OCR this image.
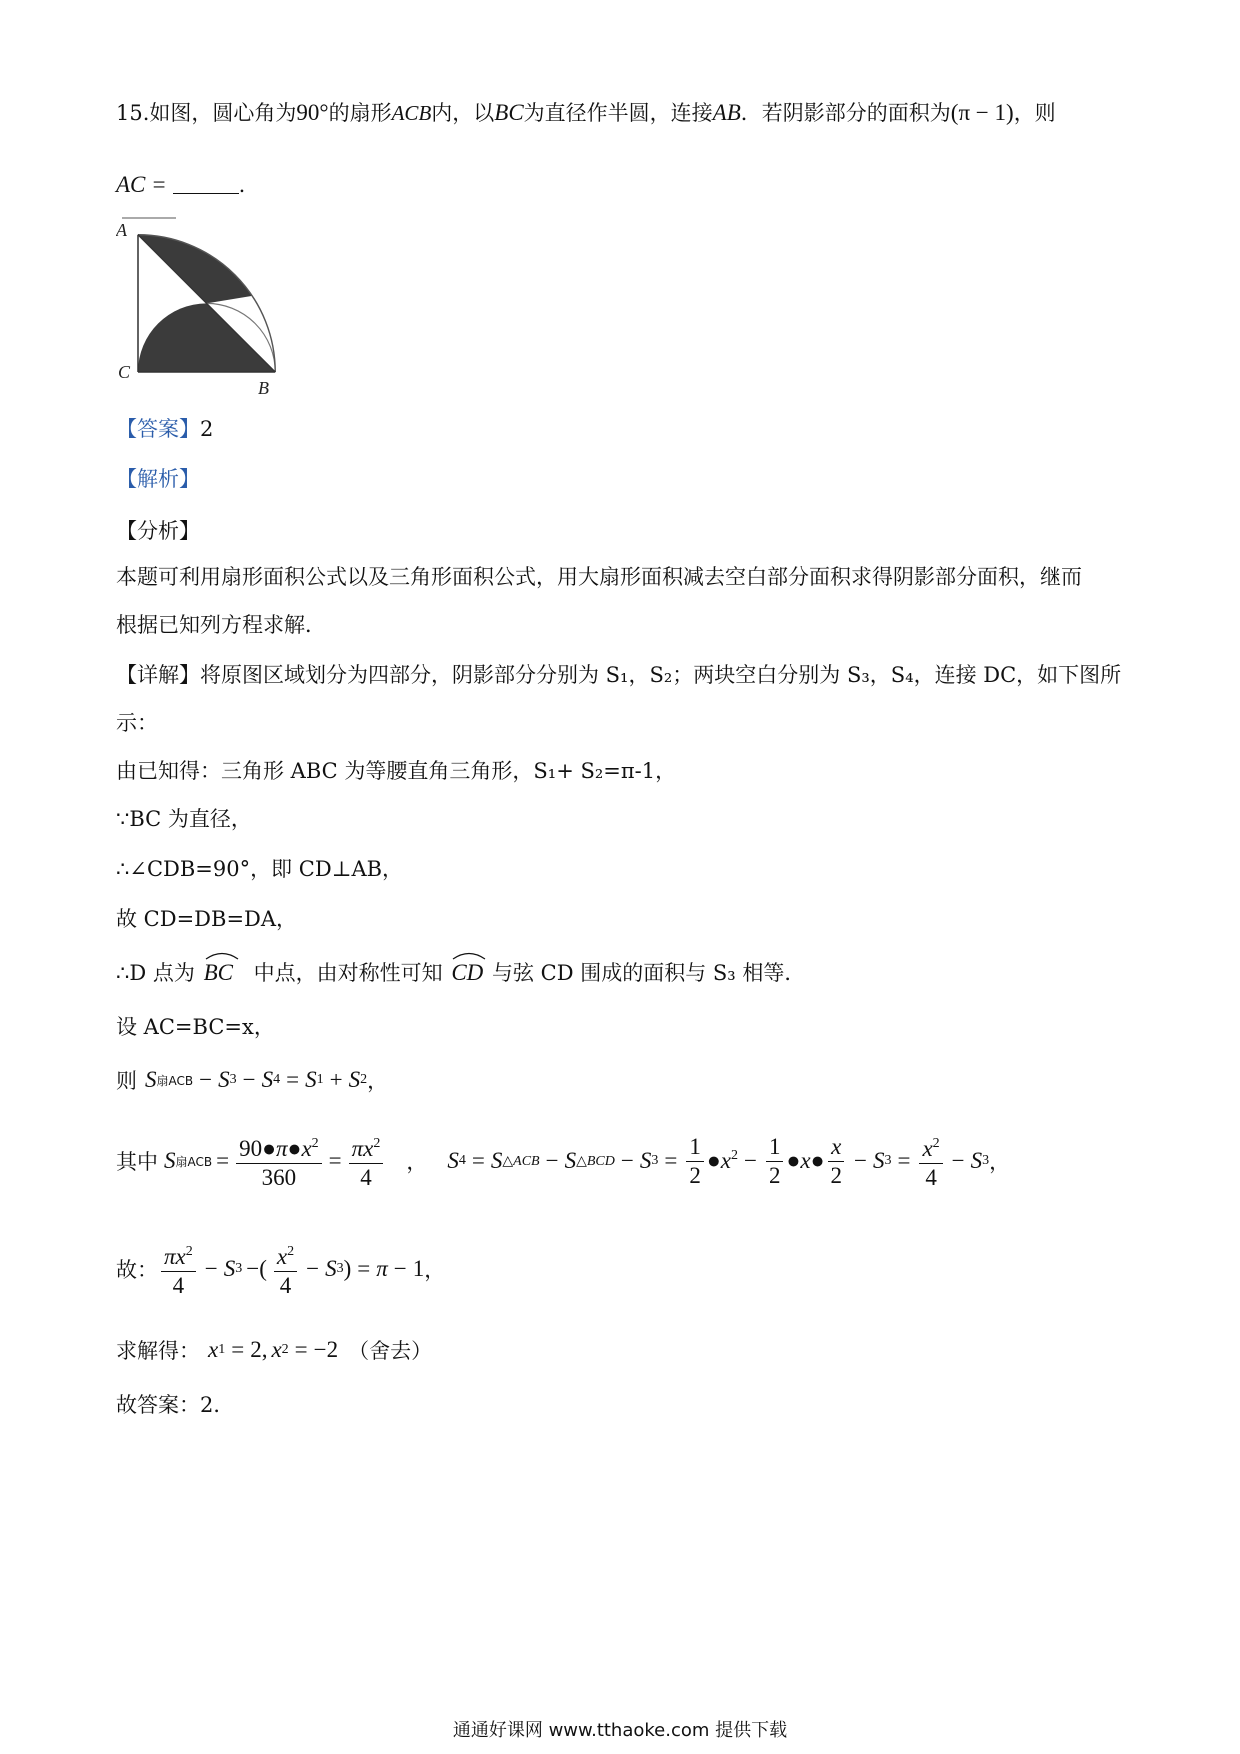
15.如图，圆心角为90°的扇形ACB内，以BC为直径作半圆，连接AB．若阴影部分的面积为(π − 1)，则
AC =	.
A
C
B
【答案】2
【解析】
【分析】
本题可利用扇形面积公式以及三角形面积公式，用大扇形面积减去空白部分面积求得阴影部分面积，继而
根据已知列方程求解．
【详解】将原图区域划分为四部分，阴影部分分别为 S₁，S₂；两块空白分别为 S₃，S₄，连接 DC，如下图所
示：
由已知得：三角形 ABC 为等腰直角三角形，S₁+ S₂=π-1，
∵BC 为直径，
∴∠CDB=90°，即 CD⊥AB，
故 CD=DB=DA，
∴D 点为 BC 中点，由对称性可知 CD 与弦 CD 围成的面积与 S₃ 相等．
设 AC=BC=x，
则 S 扇ACB − S 3 − S 4 = S 1 + S 2 ，
其中 S 扇ACB = $\frac{90●\pi●x^2}{360} = \frac{\pi x^2}{4}$ ， S 4 = S △ACB − S △BCD − S $3 = \frac{1}{2}$ $●x^2 - \frac{1}{2}$ ●x● $\frac{x}{2} - S$ $3 = \frac{x^2}{4} - S$ 3 ，
故： $\frac{\pi x^2}{4} - S$ 3 −( $\frac{x^2}{4} - S$ 3 ) = π − 1 ，
求解得： x 1 = 2, x 2 = −2 （舍去）
故答案：2．
通通好课网 www.tthaoke.com 提供下载
